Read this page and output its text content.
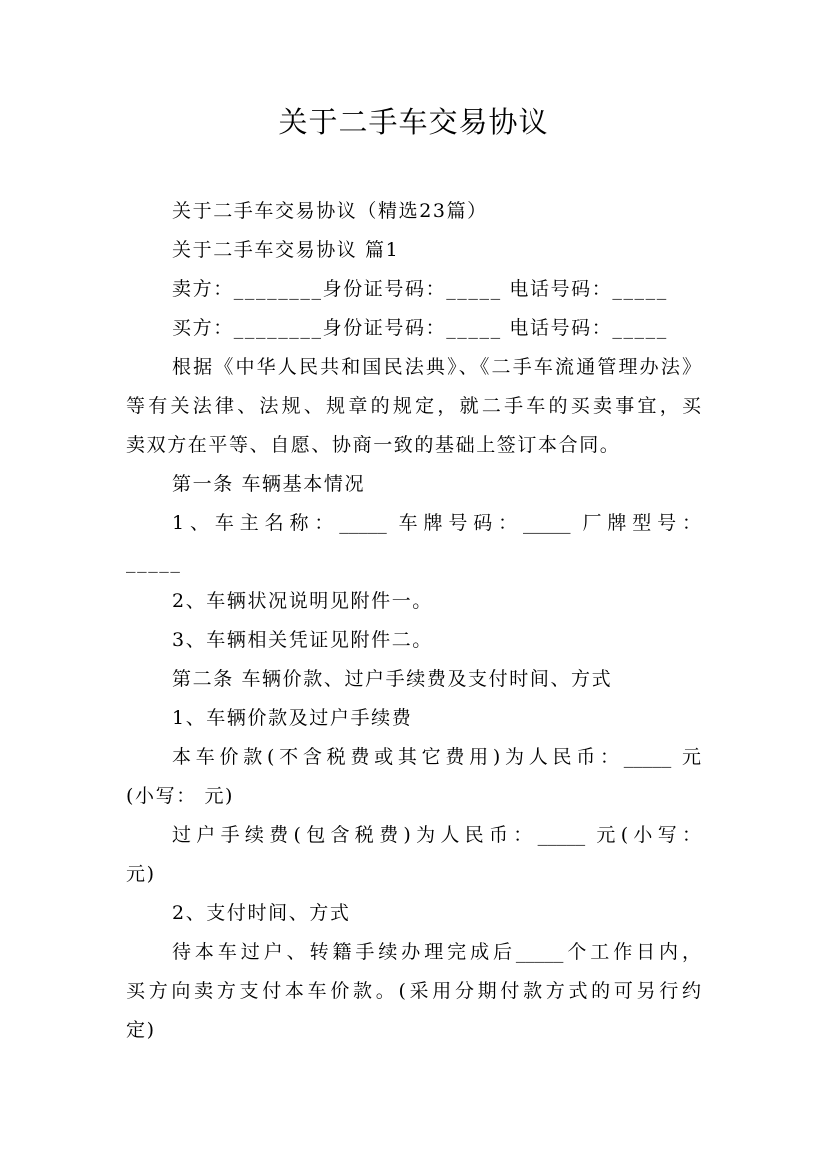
关于二手车交易协议
关于二手车交易协议（精选23篇）
关于二手车交易协议 篇1
卖方：________身份证号码：_____ 电话号码：_____
买方：________身份证号码：_____ 电话号码：_____
根据《中华人民共和国民法典》、《二手车流通管理办法》
等有关法律、法规、规章的规定，就二手车的买卖事宜，买
卖双方在平等、自愿、协商一致的基础上签订本合同。
第一条 车辆基本情况
1、车主名称：_____ 车牌号码：_____ 厂牌型号：
_____
2、车辆状况说明见附件一。
3、车辆相关凭证见附件二。
第二条 车辆价款、过户手续费及支付时间、方式
1、车辆价款及过户手续费
本车价款(不含税费或其它费用)为人民币：_____ 元
(小写： 元)
过户手续费(包含税费)为人民币：_____ 元(小写：
元)
2、支付时间、方式
待本车过户、转籍手续办理完成后_____个工作日内，
买方向卖方支付本车价款。(采用分期付款方式的可另行约
定)
